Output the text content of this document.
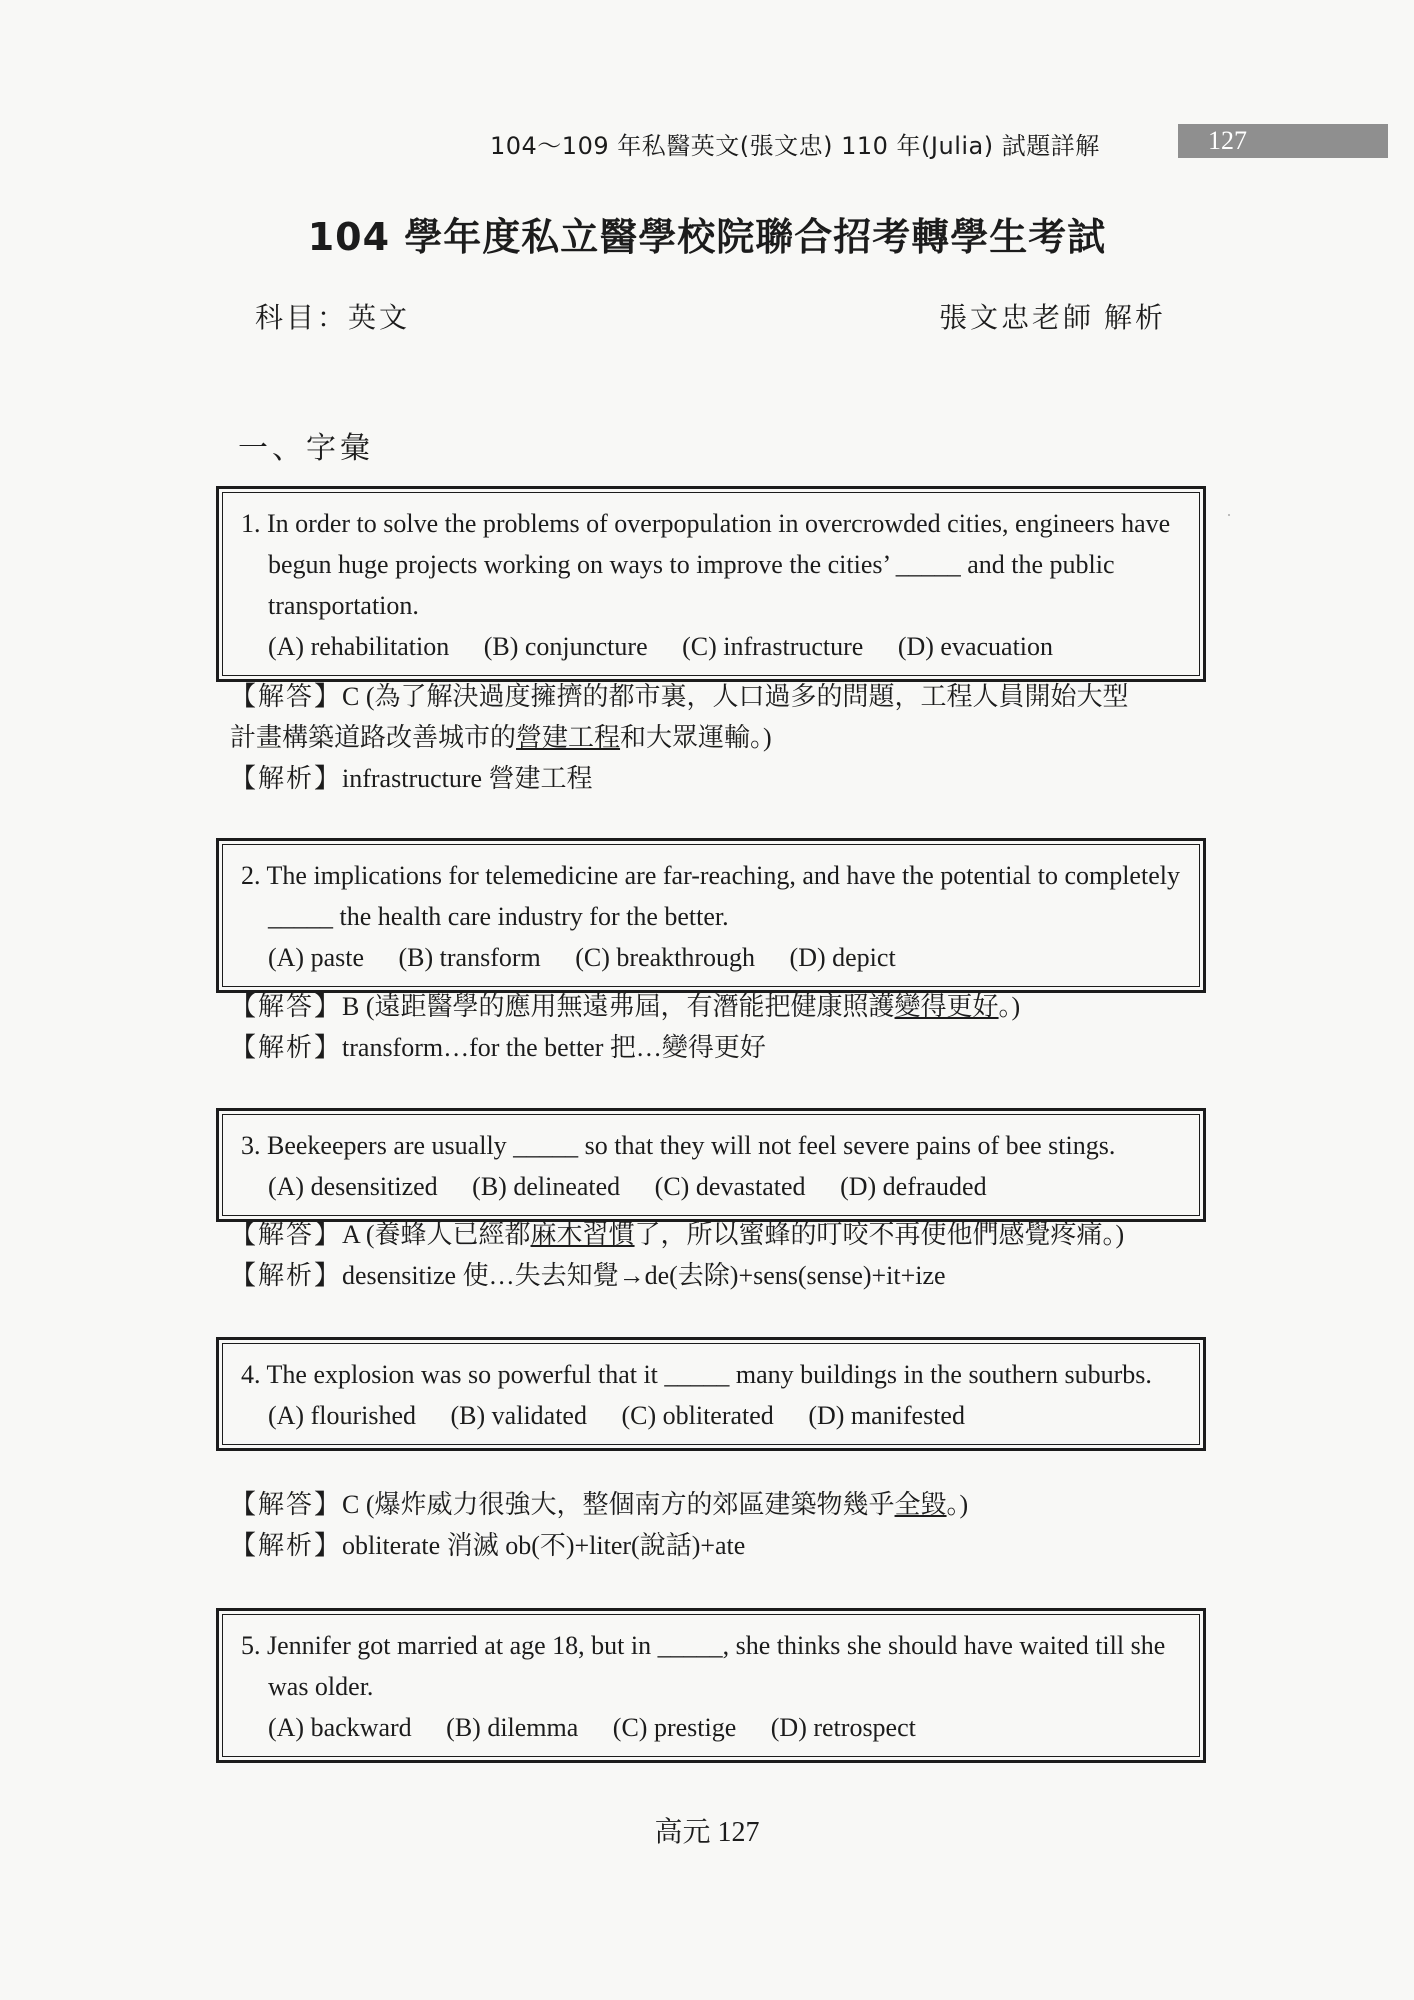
104～109 年私醫英文(張文忠) 110 年(Julia) 試題詳解	127
104 學年度私立醫學校院聯合招考轉學生考試
科目：英文	張文忠老師 解析
一、字彙
1. In order to solve the problems of overpopulation in overcrowded cities, engineers have begun huge projects working on ways to improve the cities’ _____ and the public transportation.
(A) rehabilitation (B) conjuncture (C) infrastructure (D) evacuation
【解答】C (為了解決過度擁擠的都市裏，人口過多的問題，工程人員開始大型
計畫構築道路改善城市的營建工程和大眾運輸。)
【解析】infrastructure 營建工程
2. The implications for telemedicine are far-reaching, and have the potential to completely _____ the health care industry for the better.
(A) paste (B) transform (C) breakthrough (D) depict
【解答】B (遠距醫學的應用無遠弗屆，有潛能把健康照護變得更好。)
【解析】transform…for the better 把…變得更好
3. Beekeepers are usually _____ so that they will not feel severe pains of bee stings.
(A) desensitized (B) delineated (C) devastated (D) defrauded
【解答】A (養蜂人已經都麻木習慣了，所以蜜蜂的叮咬不再使他們感覺疼痛。)
【解析】desensitize 使…失去知覺→de(去除)+sens(sense)+it+ize
4. The explosion was so powerful that it _____ many buildings in the southern suburbs.
(A) flourished (B) validated (C) obliterated (D) manifested
【解答】C (爆炸威力很強大，整個南方的郊區建築物幾乎全毀。)
【解析】obliterate 消滅 ob(不)+liter(說話)+ate
5. Jennifer got married at age 18, but in _____, she thinks she should have waited till she was older.
(A) backward (B) dilemma (C) prestige (D) retrospect
高元 127
